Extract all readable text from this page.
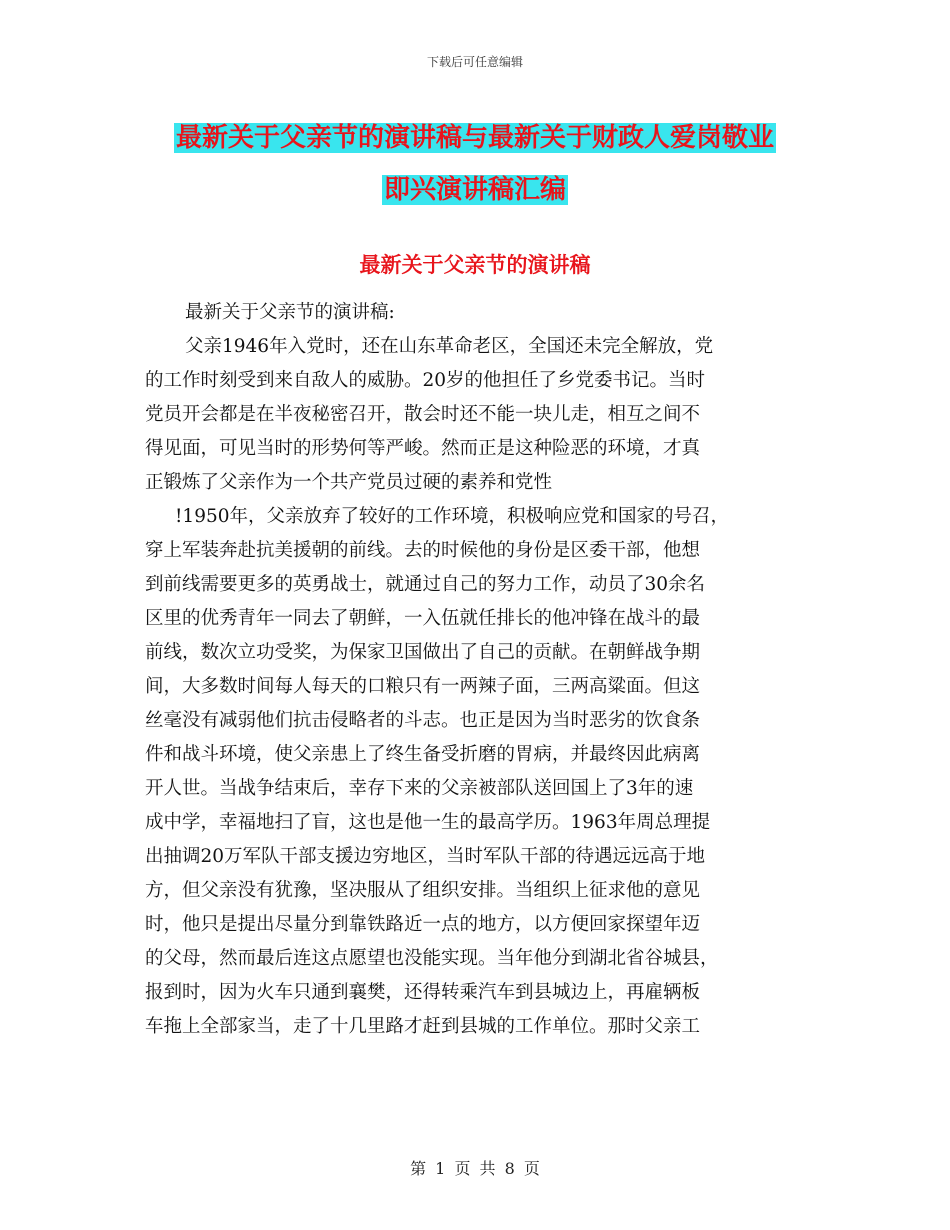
下载后可任意编辑
最新关于父亲节的演讲稿与最新关于财政人爱岗敬业
即兴演讲稿汇编
最新关于父亲节的演讲稿
最新关于父亲节的演讲稿:
父亲1946年入党时，还在山东革命老区，全国还未完全解放，党
的工作时刻受到来自敌人的威胁。20岁的他担任了乡党委书记。当时
党员开会都是在半夜秘密召开，散会时还不能一块儿走，相互之间不
得见面，可见当时的形势何等严峻。然而正是这种险恶的环境，才真
正锻炼了父亲作为一个共产党员过硬的素养和党性
!1950年，父亲放弃了较好的工作环境，积极响应党和国家的号召，
穿上军装奔赴抗美援朝的前线。去的时候他的身份是区委干部，他想
到前线需要更多的英勇战士，就通过自己的努力工作，动员了30余名
区里的优秀青年一同去了朝鲜，一入伍就任排长的他冲锋在战斗的最
前线，数次立功受奖，为保家卫国做出了自己的贡献。在朝鲜战争期
间，大多数时间每人每天的口粮只有一两辣子面，三两高粱面。但这
丝毫没有减弱他们抗击侵略者的斗志。也正是因为当时恶劣的饮食条
件和战斗环境，使父亲患上了终生备受折磨的胃病，并最终因此病离
开人世。当战争结束后，幸存下来的父亲被部队送回国上了3年的速
成中学，幸福地扫了盲，这也是他一生的最高学历。1963年周总理提
出抽调20万军队干部支援边穷地区，当时军队干部的待遇远远高于地
方，但父亲没有犹豫，坚决服从了组织安排。当组织上征求他的意见
时，他只是提出尽量分到靠铁路近一点的地方，以方便回家探望年迈
的父母，然而最后连这点愿望也没能实现。当年他分到湖北省谷城县，
报到时，因为火车只通到襄樊，还得转乘汽车到县城边上，再雇辆板
车拖上全部家当，走了十几里路才赶到县城的工作单位。那时父亲工
第 1 页 共 8 页
